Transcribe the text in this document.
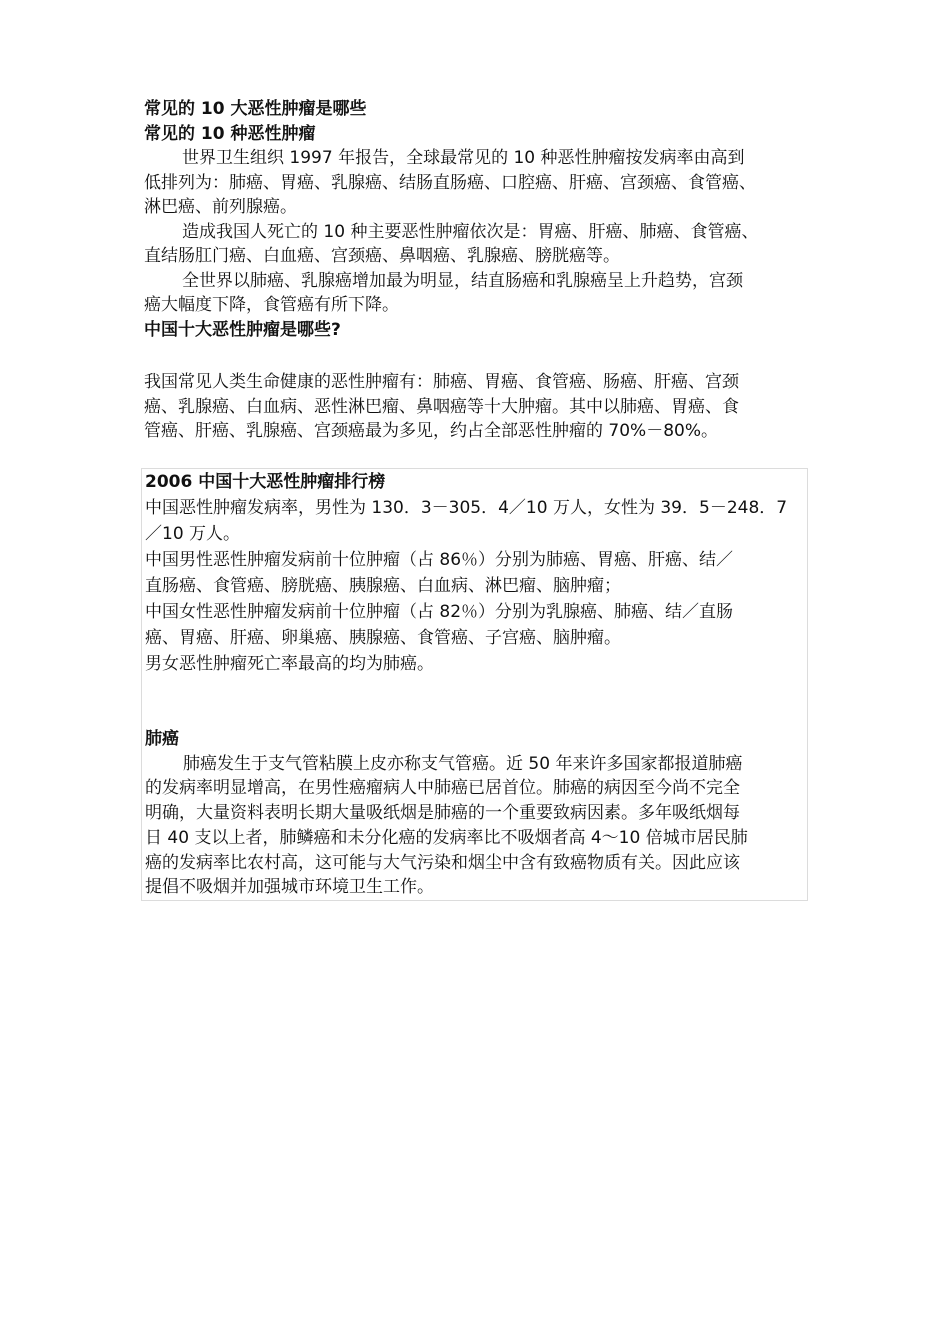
常见的 10 大恶性肿瘤是哪些

常见的 10 种恶性肿瘤

世界卫生组织 1997 年报告，全球最常见的 10 种恶性肿瘤按发病率由高到

低排列为：肺癌、胃癌、乳腺癌、结肠直肠癌、口腔癌、肝癌、宫颈癌、食管癌、

淋巴癌、前列腺癌。

造成我国人死亡的 10 种主要恶性肿瘤依次是：胃癌、肝癌、肺癌、食管癌、

直结肠肛门癌、白血癌、宫颈癌、鼻咽癌、乳腺癌、膀胱癌等。

全世界以肺癌、乳腺癌增加最为明显，结直肠癌和乳腺癌呈上升趋势，宫颈

癌大幅度下降，食管癌有所下降。

中国十大恶性肿瘤是哪些?

我国常见人类生命健康的恶性肿瘤有：肺癌、胃癌、食管癌、肠癌、肝癌、宫颈

癌、乳腺癌、白血病、恶性淋巴瘤、鼻咽癌等十大肿瘤。其中以肺癌、胃癌、食

管癌、肝癌、乳腺癌、宫颈癌最为多见，约占全部恶性肿瘤的 70%－80%。

2006 中国十大恶性肿瘤排行榜

中国恶性肿瘤发病率，男性为 130．3－305．4／10 万人，女性为 39．5－248．7

／10 万人。

中国男性恶性肿瘤发病前十位肿瘤（占 86％）分别为肺癌、胃癌、肝癌、结／

直肠癌、食管癌、膀胱癌、胰腺癌、白血病、淋巴瘤、脑肿瘤；

中国女性恶性肿瘤发病前十位肿瘤（占 82％）分别为乳腺癌、肺癌、结／直肠

癌、胃癌、肝癌、卵巢癌、胰腺癌、食管癌、子宫癌、脑肿瘤。

男女恶性肿瘤死亡率最高的均为肺癌。

肺癌

肺癌发生于支气管粘膜上皮亦称支气管癌。近 50 年来许多国家都报道肺癌

的发病率明显增高，在男性癌瘤病人中肺癌已居首位。肺癌的病因至今尚不完全

明确，大量资料表明长期大量吸纸烟是肺癌的一个重要致病因素。多年吸纸烟每

日 40 支以上者，肺鳞癌和未分化癌的发病率比不吸烟者高 4～10 倍城市居民肺

癌的发病率比农村高，这可能与大气污染和烟尘中含有致癌物质有关。因此应该

提倡不吸烟并加强城市环境卫生工作。
